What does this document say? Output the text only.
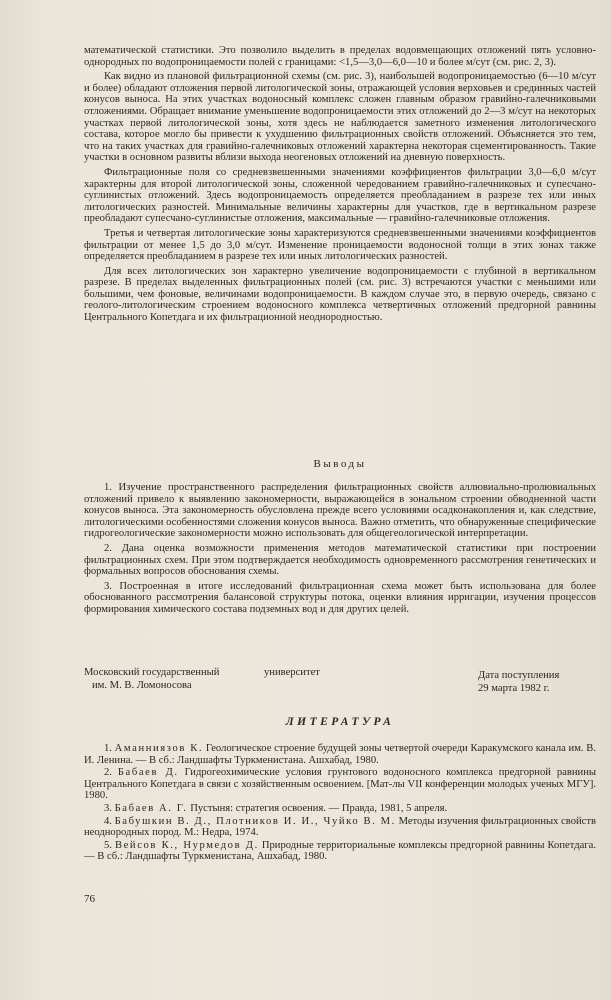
математической статистики. Это позволило выделить в пределах водовмещающих отложений пять условно-однородных по водопроницаемости полей с границами: <1,5—3,0—6,0—10 и более м/сут (см. рис. 2, 3).

Как видно из плановой фильтрационной схемы (см. рис. 3), наибольшей водопроницаемостью (6—10 м/сут и более) обладают отложения первой литологической зоны, отражающей условия верховьев и срединных частей конусов выноса. На этих участках водоносный комплекс сложен главным образом гравийно-галечниковыми отложениями. Обращает внимание уменьшение водопроницаемости этих отложений до 2—3 м/сут на некоторых участках первой литологической зоны, хотя здесь не наблюдается заметного изменения литологического состава, которое могло бы привести к ухудшению фильтрационных свойств отложений. Объясняется это тем, что на таких участках для гравийно-галечниковых отложений характерна некоторая сцементированность. Такие участки в основном развиты вблизи выхода неогеновых отложений на дневную поверхность.

Фильтрационные поля со средневзвешенными значениями коэффициентов фильтрации 3,0—6,0 м/сут характерны для второй литологической зоны, сложенной чередованием гравийно-галечниковых и супесчано-суглинистых отложений. Здесь водопроницаемость определяется преобладанием в разрезе тех или иных литологических разностей. Минимальные величины характерны для участков, где в вертикальном разрезе преобладают супесчано-суглинистые отложения, максимальные — гравийно-галечниковые отложения.

Третья и четвертая литологические зоны характеризуются средневзвешенными значениями коэффициентов фильтрации от менее 1,5 до 3,0 м/сут. Изменение проницаемости водоносной толщи в этих зонах также определяется преобладанием в разрезе тех или иных литологических разностей.

Для всех литологических зон характерно увеличение водопроницаемости с глубиной в вертикальном разрезе. В пределах выделенных фильтрационных полей (см. рис. 3) встречаются участки с меньшими или большими, чем фоновые, величинами водопроницаемости. В каждом случае это, в первую очередь, связано с геолого-литологическим строением водоносного комплекса четвертичных отложений предгорной равнины Центрального Копетдага и их фильтрационной неоднородностью.

Выводы

1. Изучение пространственного распределения фильтрационных свойств аллювиально-пролювиальных отложений привело к выявлению закономерности, выражающейся в зональном строении обводненной части конусов выноса. Эта закономерность обусловлена прежде всего условиями осадконакопления и, как следствие, литологическими особенностями сложения конусов выноса. Важно отметить, что обнаруженные специфические гидрогеологические закономерности можно использовать для общегеологической интерпретации.

2. Дана оценка возможности применения методов математической статистики при построении фильтрационных схем. При этом подтверждается необходимость одновременного рассмотрения генетических и формальных вопросов обоснования схемы.

3. Построенная в итоге исследований фильтрационная схема может быть использована для более обоснованного рассмотрения балансовой структуры потока, оценки влияния ирригации, изучения процессов формирования химического состава подземных вод и для других целей.

Московский государственный
им. М. В. Ломоносова
университет	Дата поступления
29 марта 1982 г.
ЛИТЕРАТУРА

1. Аманниязов К. Геологическое строение будущей зоны четвертой очереди Каракумского канала им. В. И. Ленина. — В сб.: Ландшафты Туркменистана. Ашхабад, 1980.

2. Бабаев Д. Гидрогеохимические условия грунтового водоносного комплекса предгорной равнины Центрального Копетдага в связи с хозяйственным освоением. [Мат-лы VII конференции молодых ученых МГУ]. 1980.

3. Бабаев А. Г. Пустыня: стратегия освоения. — Правда, 1981, 5 апреля.

4. Бабушкин В. Д., Плотников И. И., Чуйко В. М. Методы изучения фильтрационных свойств неоднородных пород. М.: Недра, 1974.

5. Вейсов К., Нурмедов Д. Природные территориальные комплексы предгорной равнины Копетдага. — В сб.: Ландшафты Туркменистана, Ашхабад, 1980.

76
